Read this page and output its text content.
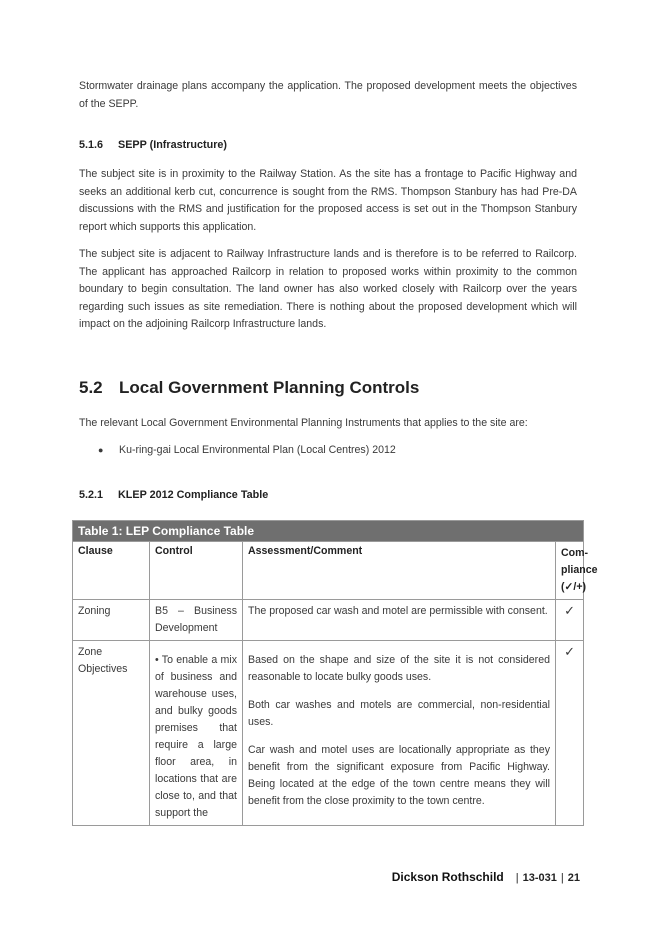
Stormwater drainage plans accompany the application. The proposed development meets the objectives of the SEPP.

5.1.6 SEPP (Infrastructure)

The subject site is in proximity to the Railway Station. As the site has a frontage to Pacific Highway and seeks an additional kerb cut, concurrence is sought from the RMS. Thompson Stanbury has had Pre-DA discussions with the RMS and justification for the proposed access is set out in the Thompson Stanbury report which supports this application.

The subject site is adjacent to Railway Infrastructure lands and is therefore is to be referred to Railcorp. The applicant has approached Railcorp in relation to proposed works within proximity to the common boundary to begin consultation. The land owner has also worked closely with Railcorp over the years regarding such issues as site remediation. There is nothing about the proposed development which will impact on the adjoining Railcorp Infrastructure lands.

5.2 Local Government Planning Controls

The relevant Local Government Environmental Planning Instruments that applies to the site are:

● Ku-ring-gai Local Environmental Plan (Local Centres) 2012
5.2.1 KLEP 2012 Compliance Table
Table 1: LEP Compliance Table			
Clause	Control	Assessment/Comment	Com-
pliance
(✓/+)

Zoning	B5 – Business Development	The proposed car wash and motel are permissible with consent.	✓
Zone Objectives	• To enable a mix of business and warehouse uses, and bulky goods premises that require a large floor area, in locations that are close to, and that support the	Based on the shape and size of the site it is not considered reasonable to locate bulky goods uses.

Both car washes and motels are commercial, non-residential uses.

Car wash and motel uses are locationally appropriate as they benefit from the significant exposure from Pacific Highway. Being located at the edge of the town centre means they will benefit from the close proximity to the town centre.	✓
Dickson Rothschild | 13-031 | 21
